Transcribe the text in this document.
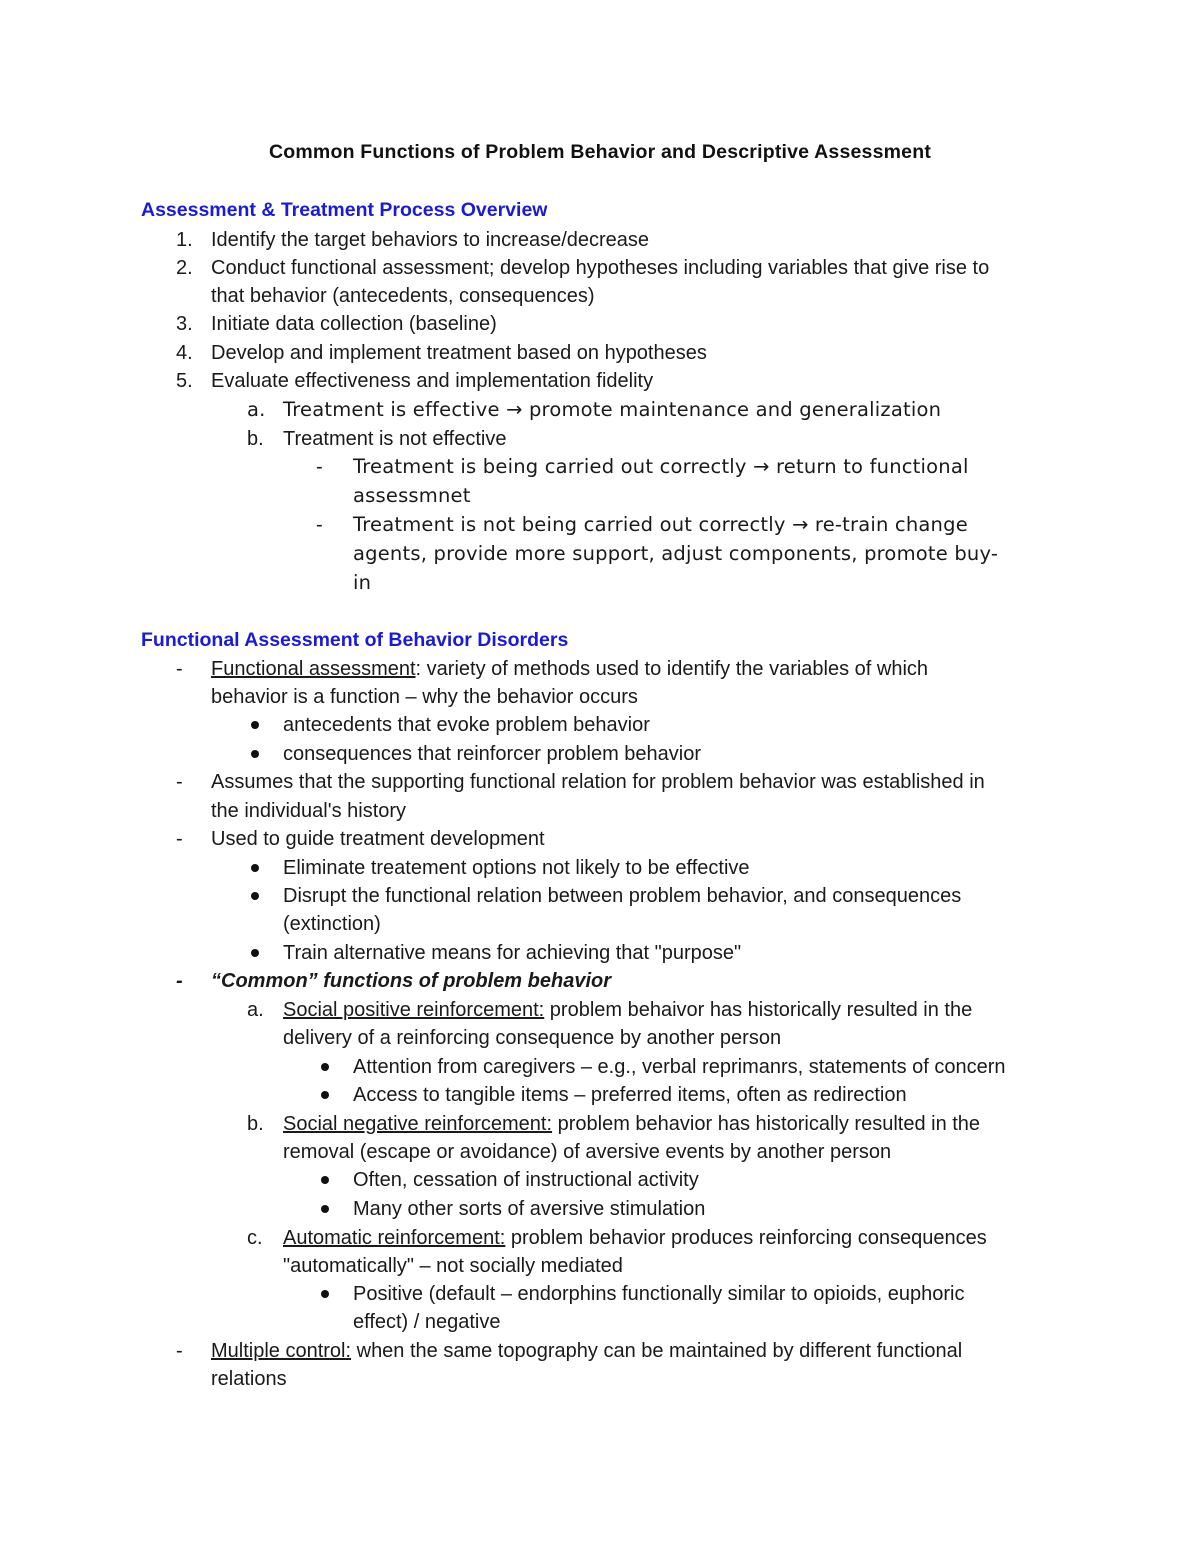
Common Functions of Problem Behavior and Descriptive Assessment
Assessment & Treatment Process Overview
1. Identify the target behaviors to increase/decrease
2. Conduct functional assessment; develop hypotheses including variables that give rise to
that behavior (antecedents, consequences)
3. Initiate data collection (baseline)
4. Develop and implement treatment based on hypotheses
5. Evaluate effectiveness and implementation fidelity
a. Treatment is effective → promote maintenance and generalization
b. Treatment is not effective
- Treatment is being carried out correctly → return to functional
assessmnet
- Treatment is not being carried out correctly → re-train change
agents, provide more support, adjust components, promote buy-
in
Functional Assessment of Behavior Disorders
- Functional assessment: variety of methods used to identify the variables of which
behavior is a function – why the behavior occurs
antecedents that evoke problem behavior
consequences that reinforcer problem behavior
- Assumes that the supporting functional relation for problem behavior was established in
the individual's history
- Used to guide treatment development
Eliminate treatement options not likely to be effective
Disrupt the functional relation between problem behavior, and consequences
(extinction)
Train alternative means for achieving that "purpose"
- “Common” functions of problem behavior
a. Social positive reinforcement: problem behaivor has historically resulted in the
delivery of a reinforcing consequence by another person
Attention from caregivers – e.g., verbal reprimanrs, statements of concern
Access to tangible items – preferred items, often as redirection
b. Social negative reinforcement: problem behavior has historically resulted in the
removal (escape or avoidance) of aversive events by another person
Often, cessation of instructional activity
Many other sorts of aversive stimulation
c. Automatic reinforcement: problem behavior produces reinforcing consequences
"automatically" – not socially mediated
Positive (default – endorphins functionally similar to opioids, euphoric
effect) / negative
- Multiple control: when the same topography can be maintained by different functional
relations
